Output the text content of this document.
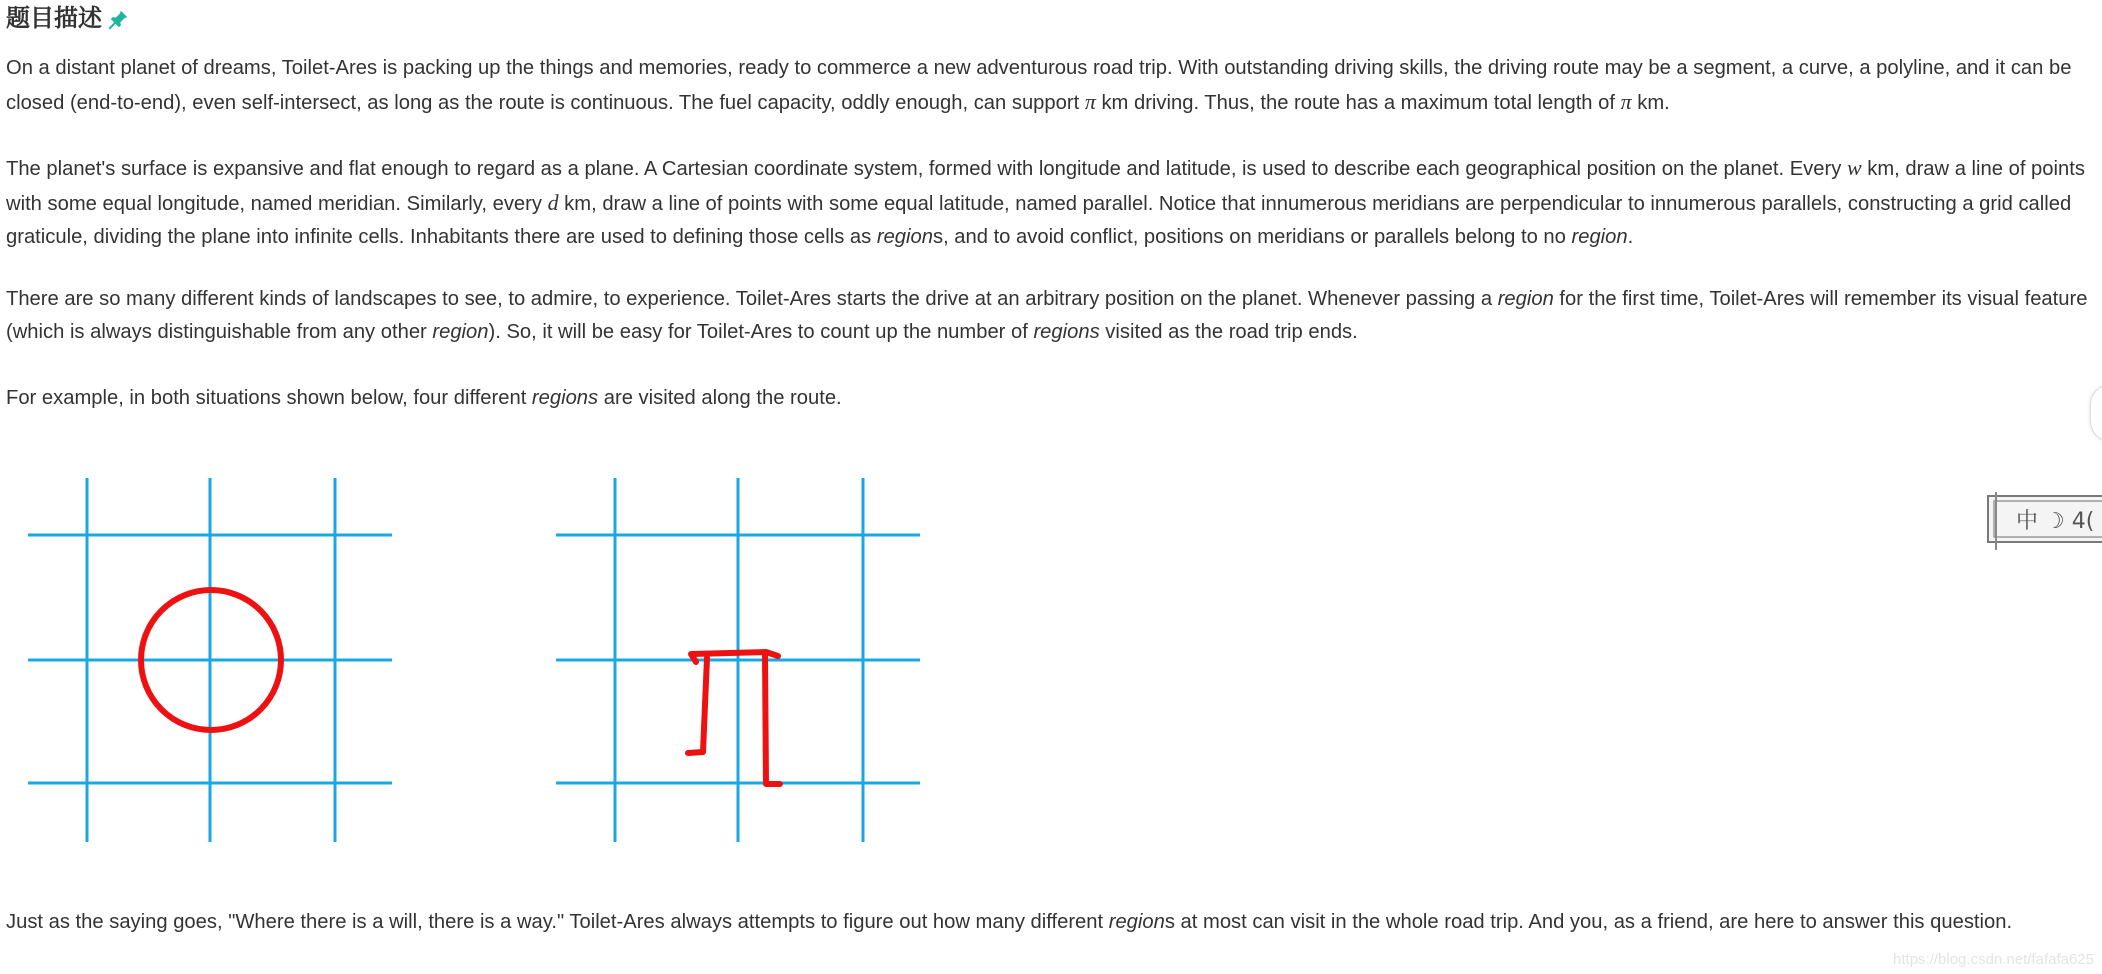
题目描述

On a distant planet of dreams, Toilet-Ares is packing up the things and memories, ready to commerce a new adventurous road trip. With outstanding driving skills, the driving route may be a segment, a curve, a polyline, and it can be closed (end-to-end), even self-intersect, as long as the route is continuous. The fuel capacity, oddly enough, can support π km driving. Thus, the route has a maximum total length of π km.

The planet's surface is expansive and flat enough to regard as a plane. A Cartesian coordinate system, formed with longitude and latitude, is used to describe each geographical position on the planet. Every w km, draw a line of points with some equal longitude, named meridian. Similarly, every d km, draw a line of points with some equal latitude, named parallel. Notice that innumerous meridians are perpendicular to innumerous parallels, constructing a grid called graticule, dividing the plane into infinite cells. Inhabitants there are used to defining those cells as regions, and to avoid conflict, positions on meridians or parallels belong to no region.

There are so many different kinds of landscapes to see, to admire, to experience. Toilet-Ares starts the drive at an arbitrary position on the planet. Whenever passing a region for the first time, Toilet-Ares will remember its visual feature (which is always distinguishable from any other region). So, it will be easy for Toilet-Ares to count up the number of regions visited as the road trip ends.

For example, in both situations shown below, four different regions are visited along the route.

中 ☽ 4(

Just as the saying goes, "Where there is a will, there is a way." Toilet-Ares always attempts to figure out how many different regions at most can visit in the whole road trip. And you, as a friend, are here to answer this question.

https://blog.csdn.net/fafafa625
